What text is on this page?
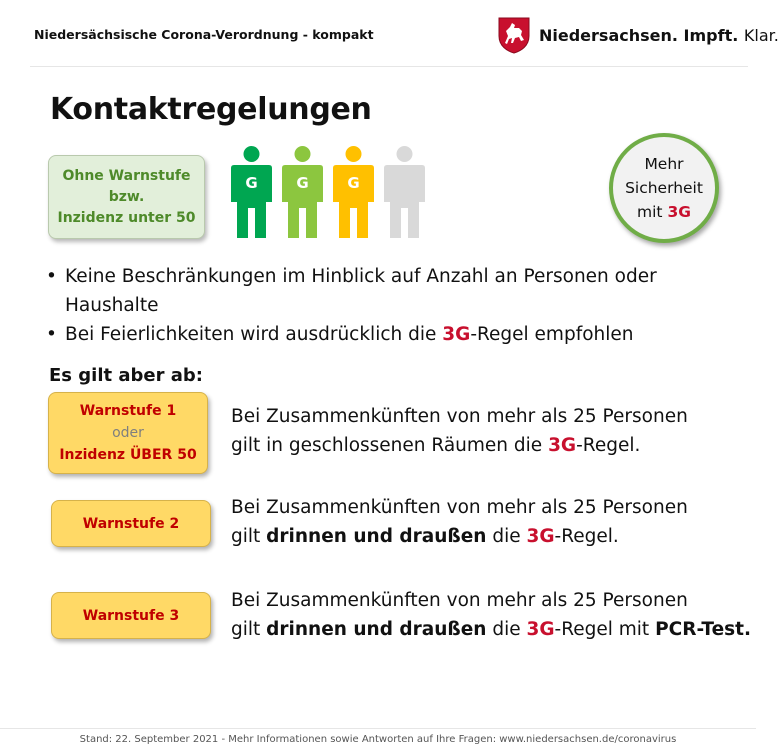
Niedersächsische Corona-Verordnung - kompakt	Niedersachsen. Impft. Klar.
Kontaktregelungen
Ohne Warnstufe
bzw.
Inzidenz unter 50
G	G	G
Mehr
Sicherheit
mit 3G
• Keine Beschränkungen im Hinblick auf Anzahl an Personen oder Haushalte
• Bei Feierlichkeiten wird ausdrücklich die 3G-Regel empfohlen
Es gilt aber ab:
Warnstufe 1
oder
Inzidenz ÜBER 50
Warnstufe 2
Warnstufe 3
Bei Zusammenkünften von mehr als 25 Personen
gilt in geschlossenen Räumen die 3G-Regel.
Bei Zusammenkünften von mehr als 25 Personen
gilt drinnen und draußen die 3G-Regel.
Bei Zusammenkünften von mehr als 25 Personen
gilt drinnen und draußen die 3G-Regel mit PCR-Test.
Stand: 22. September 2021 - Mehr Informationen sowie Antworten auf Ihre Fragen: www.niedersachsen.de/coronavirus
